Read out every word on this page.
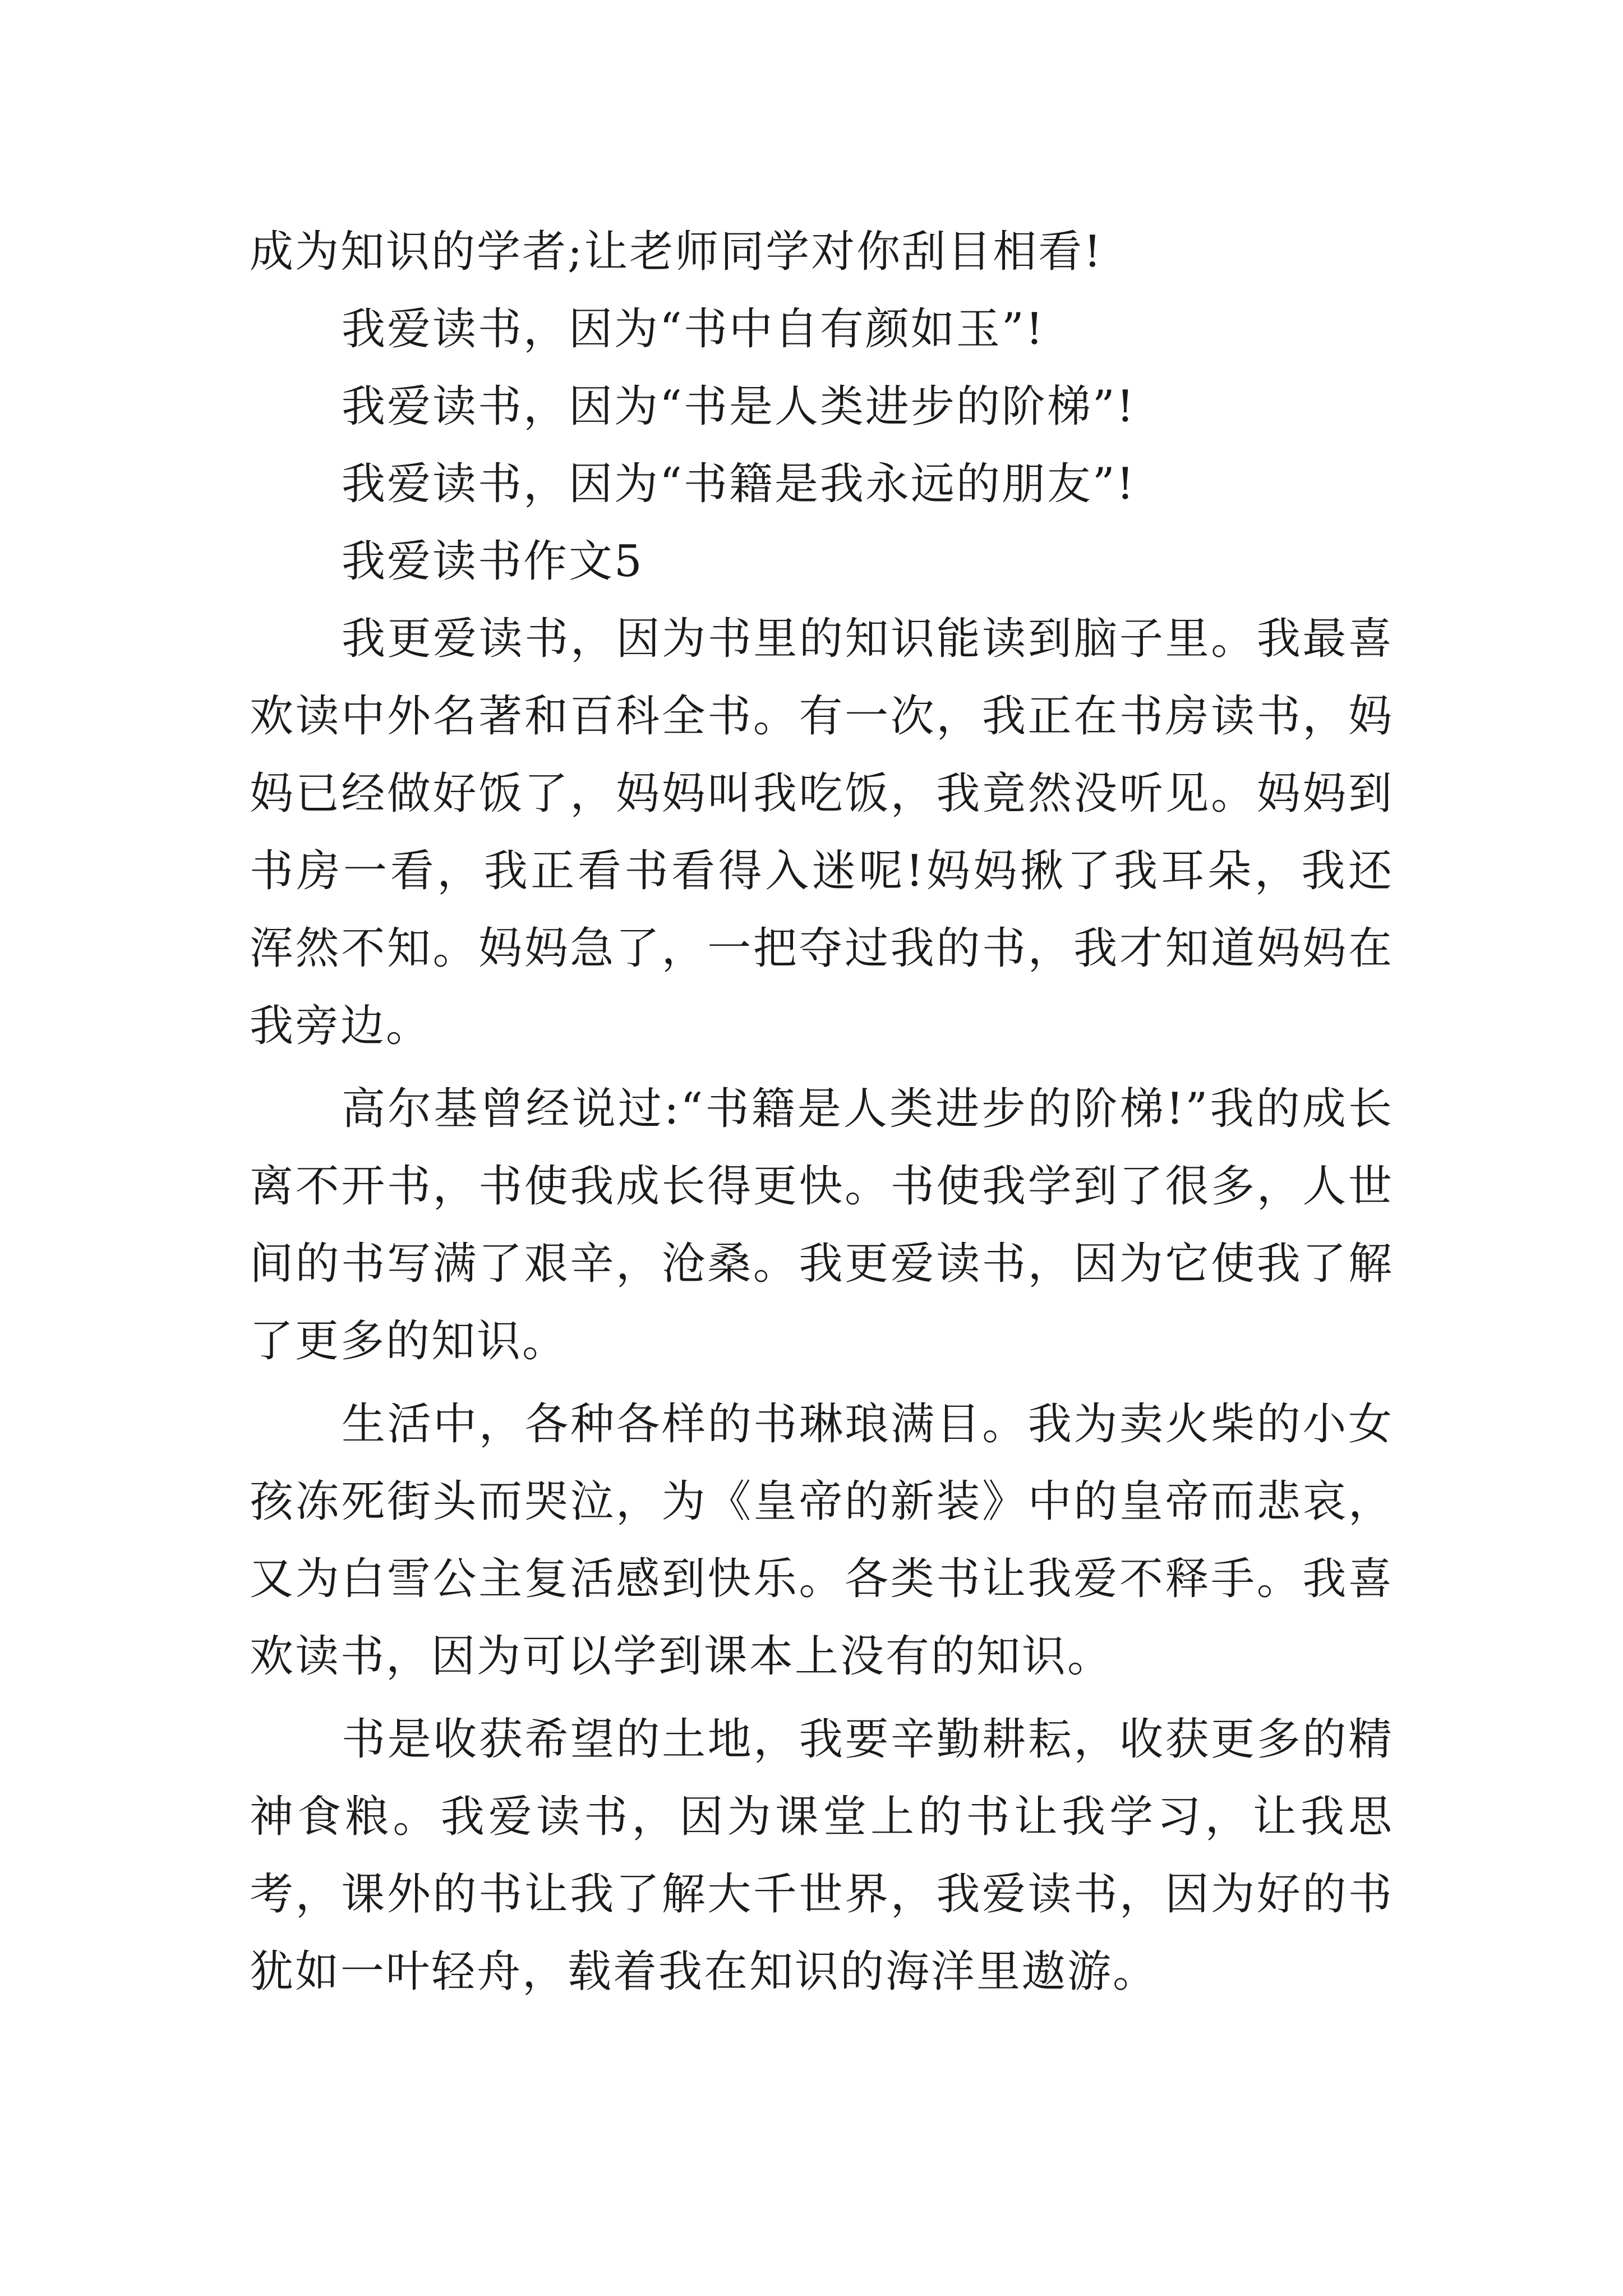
成为知识的学者;让老师同学对你刮目相看!

我爱读书，因为“书中自有颜如玉”!

我爱读书，因为“书是人类进步的阶梯”!

我爱读书，因为“书籍是我永远的朋友”!

我爱读书作文5

我更爱读书，因为书里的知识能读到脑子里。我最喜欢读中外名著和百科全书。有一次，我正在书房读书，妈妈已经做好饭了，妈妈叫我吃饭，我竟然没听见。妈妈到书房一看，我正看书看得入迷呢!妈妈揪了我耳朵，我还浑然不知。妈妈急了，一把夺过我的书，我才知道妈妈在我旁边。

高尔基曾经说过:“书籍是人类进步的阶梯!”我的成长离不开书，书使我成长得更快。书使我学到了很多，人世间的书写满了艰辛，沧桑。我更爱读书，因为它使我了解了更多的知识。

生活中，各种各样的书琳琅满目。我为卖火柴的小女孩冻死街头而哭泣，为《皇帝的新装》中的皇帝而悲哀，又为白雪公主复活感到快乐。各类书让我爱不释手。我喜欢读书，因为可以学到课本上没有的知识。

书是收获希望的土地，我要辛勤耕耘，收获更多的精神食粮。我爱读书，因为课堂上的书让我学习，让我思考，课外的书让我了解大千世界，我爱读书，因为好的书犹如一叶轻舟，载着我在知识的海洋里遨游。
